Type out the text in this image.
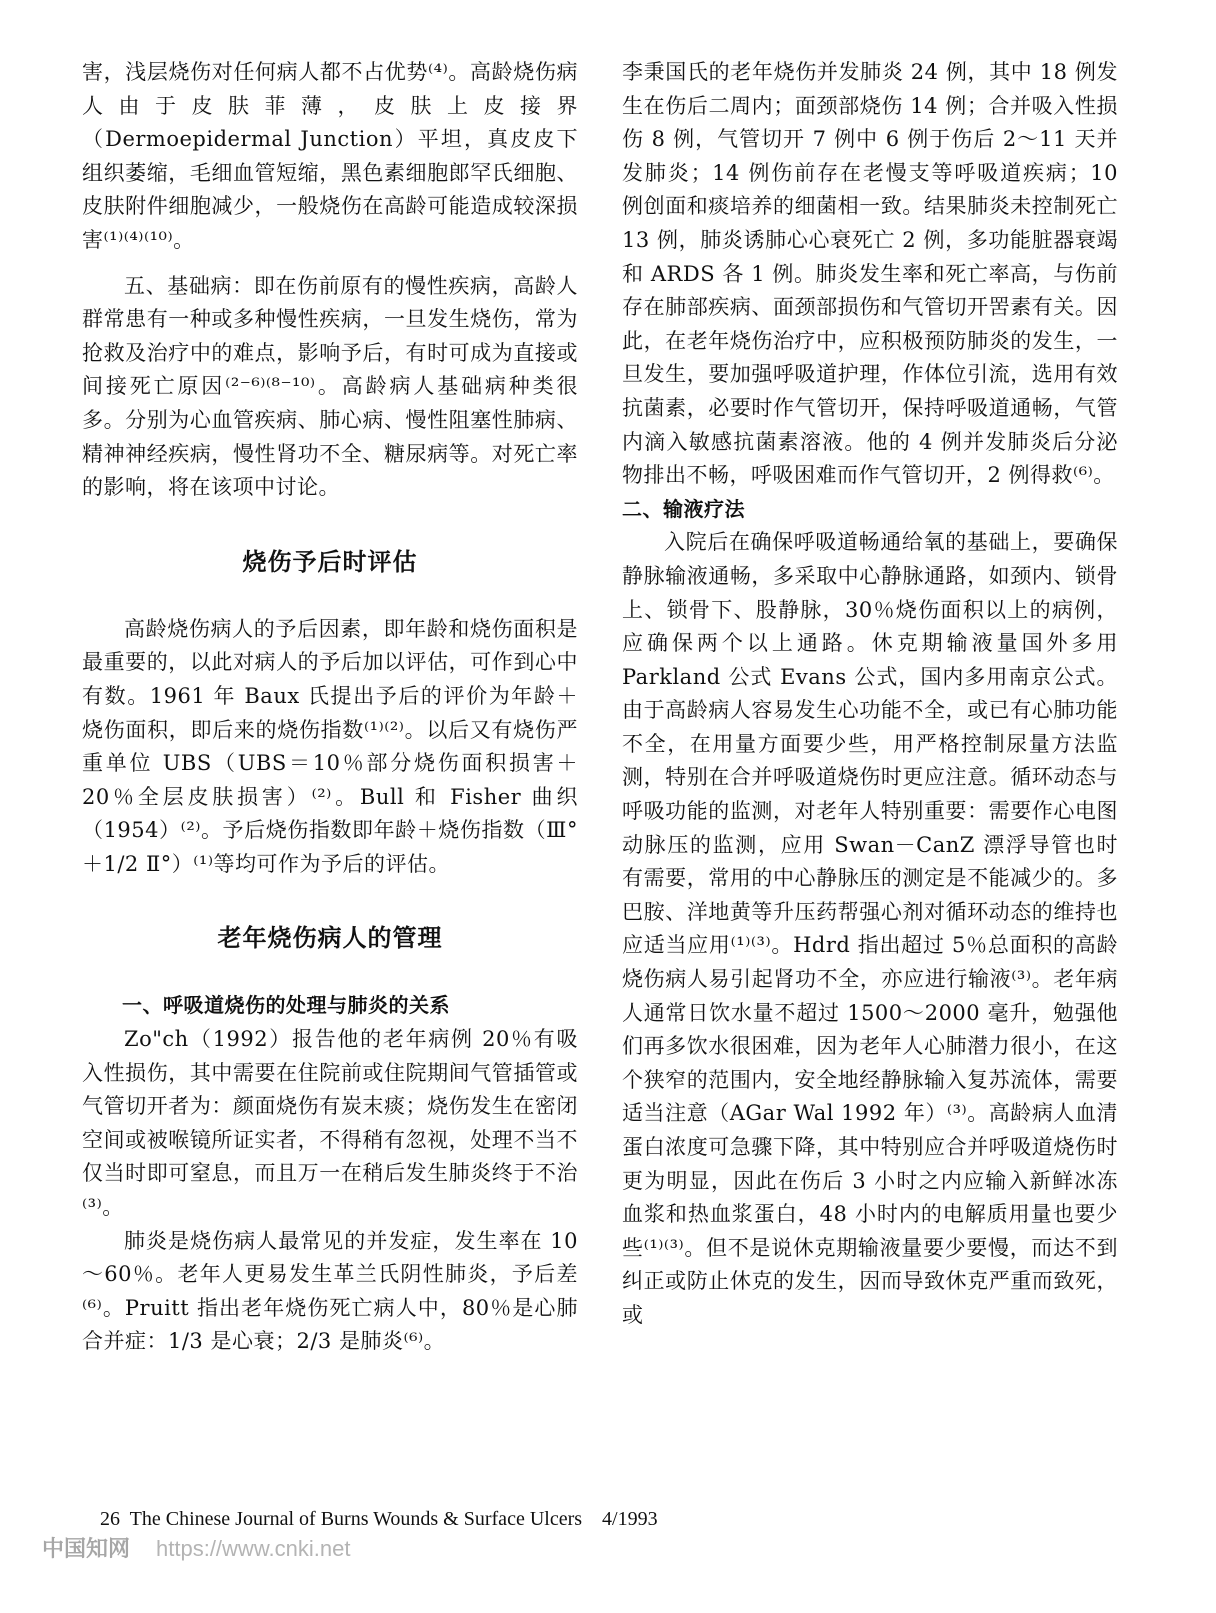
害，浅层烧伤对任何病人都不占优势⁽⁴⁾。高龄烧伤病人由于皮肤菲薄，皮肤上皮接界（Dermoepidermal Junction）平坦，真皮皮下组织萎缩，毛细血管短缩，黑色素细胞郎罕氏细胞、皮肤附件细胞减少，一般烧伤在高龄可能造成较深损害⁽¹⁾⁽⁴⁾⁽¹⁰⁾。

五、基础病：即在伤前原有的慢性疾病，高龄人群常患有一种或多种慢性疾病，一旦发生烧伤，常为抢救及治疗中的难点，影响予后，有时可成为直接或间接死亡原因⁽²⁻⁶⁾⁽⁸⁻¹⁰⁾。高龄病人基础病种类很多。分别为心血管疾病、肺心病、慢性阻塞性肺病、精神神经疾病，慢性肾功不全、糖尿病等。对死亡率的影响，将在该项中讨论。

烧伤予后时评估

高龄烧伤病人的予后因素，即年龄和烧伤面积是最重要的，以此对病人的予后加以评估，可作到心中有数。1961 年 Baux 氏提出予后的评价为年龄＋烧伤面积，即后来的烧伤指数⁽¹⁾⁽²⁾。以后又有烧伤严重单位 UBS（UBS＝10％部分烧伤面积损害＋20％全层皮肤损害）⁽²⁾。Bull 和 Fisher 曲织（1954）⁽²⁾。予后烧伤指数即年龄＋烧伤指数（Ⅲ°＋1/2 Ⅱ°）⁽¹⁾等均可作为予后的评估。

老年烧伤病人的管理

一、呼吸道烧伤的处理与肺炎的关系

Zo"ch（1992）报告他的老年病例 20％有吸入性损伤，其中需要在住院前或住院期间气管插管或气管切开者为：颜面烧伤有炭末痰；烧伤发生在密闭空间或被喉镜所证实者，不得稍有忽视，处理不当不仅当时即可窒息，而且万一在稍后发生肺炎终于不治⁽³⁾。

肺炎是烧伤病人最常见的并发症，发生率在 10～60％。老年人更易发生革兰氏阴性肺炎，予后差⁽⁶⁾。Pruitt 指出老年烧伤死亡病人中，80％是心肺合并症：1/3 是心衰；2/3 是肺炎⁽⁶⁾。

李秉国氏的老年烧伤并发肺炎 24 例，其中 18 例发生在伤后二周内；面颈部烧伤 14 例；合并吸入性损伤 8 例，气管切开 7 例中 6 例于伤后 2～11 天并发肺炎；14 例伤前存在老慢支等呼吸道疾病；10 例创面和痰培养的细菌相一致。结果肺炎未控制死亡 13 例，肺炎诱肺心心衰死亡 2 例，多功能脏器衰竭和 ARDS 各 1 例。肺炎发生率和死亡率高，与伤前存在肺部疾病、面颈部损伤和气管切开罟素有关。因此，在老年烧伤治疗中，应积极预防肺炎的发生，一旦发生，要加强呼吸道护理，作体位引流，选用有效抗菌素，必要时作气管切开，保持呼吸道通畅，气管内滴入敏感抗菌素溶液。他的 4 例并发肺炎后分泌物排出不畅，呼吸困难而作气管切开，2 例得救⁽⁶⁾。

二、输液疗法

入院后在确保呼吸道畅通给氧的基础上，要确保静脉输液通畅，多采取中心静脉通路，如颈内、锁骨上、锁骨下、股静脉，30％烧伤面积以上的病例，应确保两个以上通路。休克期输液量国外多用 Parkland 公式 Evans 公式，国内多用南京公式。由于高龄病人容易发生心功能不全，或已有心肺功能不全，在用量方面要少些，用严格控制尿量方法监测，特别在合并呼吸道烧伤时更应注意。循环动态与呼吸功能的监测，对老年人特别重要：需要作心电图动脉压的监测，应用 Swan－CanZ 漂浮导管也时有需要，常用的中心静脉压的测定是不能减少的。多巴胺、洋地黄等升压药帮强心剂对循环动态的维持也应适当应用⁽¹⁾⁽³⁾。Hdrd 指出超过 5％总面积的高龄烧伤病人易引起肾功不全，亦应进行输液⁽³⁾。老年病人通常日饮水量不超过 1500～2000 毫升，勉强他们再多饮水很困难，因为老年人心肺潜力很小，在这个狭窄的范围内，安全地经静脉输入复苏流体，需要适当注意（AGar Wal 1992 年）⁽³⁾。高龄病人血清蛋白浓度可急骤下降，其中特别应合并呼吸道烧伤时更为明显，因此在伤后 3 小时之内应输入新鲜冰冻血浆和热血浆蛋白，48 小时内的电解质用量也要少些⁽¹⁾⁽³⁾。但不是说休克期输液量要少要慢，而达不到纠正或防止休克的发生，因而导致休克严重而致死，或

26 The Chinese Journal of Burns Wounds & Surface Ulcers 4/1993
中国知网 https://www.cnki.net
